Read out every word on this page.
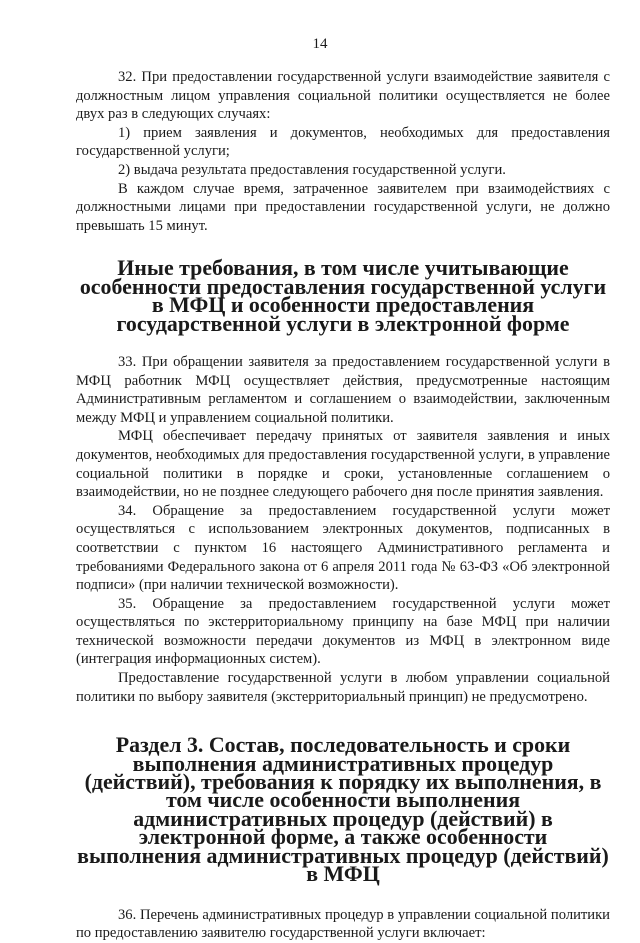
14

32. При предоставлении государственной услуги взаимодействие заявителя с должностным лицом управления социальной политики осуществляется не более двух раз в следующих случаях:

1) прием заявления и документов, необходимых для предоставления государственной услуги;

2) выдача результата предоставления государственной услуги.

В каждом случае время, затраченное заявителем при взаимодействиях с должностными лицами при предоставлении государственной услуги, не должно превышать 15 минут.

Иные требования, в том числе учитывающие особенности предоставления государственной услуги в МФЦ и особенности предоставления государственной услуги в электронной форме

33. При обращении заявителя за предоставлением государственной услуги в МФЦ работник МФЦ осуществляет действия, предусмотренные настоящим Административным регламентом и соглашением о взаимодействии, заключенным между МФЦ и управлением социальной политики.

МФЦ обеспечивает передачу принятых от заявителя заявления и иных документов, необходимых для предоставления государственной услуги, в управление социальной политики в порядке и сроки, установленные соглашением о взаимодействии, но не позднее следующего рабочего дня после принятия заявления.

34. Обращение за предоставлением государственной услуги может осуществляться с использованием электронных документов, подписанных в соответствии с пунктом 16 настоящего Административного регламента и требованиями Федерального закона от 6 апреля 2011 года № 63-ФЗ «Об электронной подписи» (при наличии технической возможности).

35. Обращение за предоставлением государственной услуги может осуществляться по экстерриториальному принципу на базе МФЦ при наличии технической возможности передачи документов из МФЦ в электронном виде (интеграция информационных систем).

Предоставление государственной услуги в любом управлении социальной политики по выбору заявителя (экстерриториальный принцип) не предусмотрено.

Раздел 3. Состав, последовательность и сроки выполнения административных процедур (действий), требования к порядку их выполнения, в том числе особенности выполнения административных процедур (действий) в электронной форме, а также особенности выполнения административных процедур (действий) в МФЦ

36. Перечень административных процедур в управлении социальной политики по предоставлению заявителю государственной услуги включает:
